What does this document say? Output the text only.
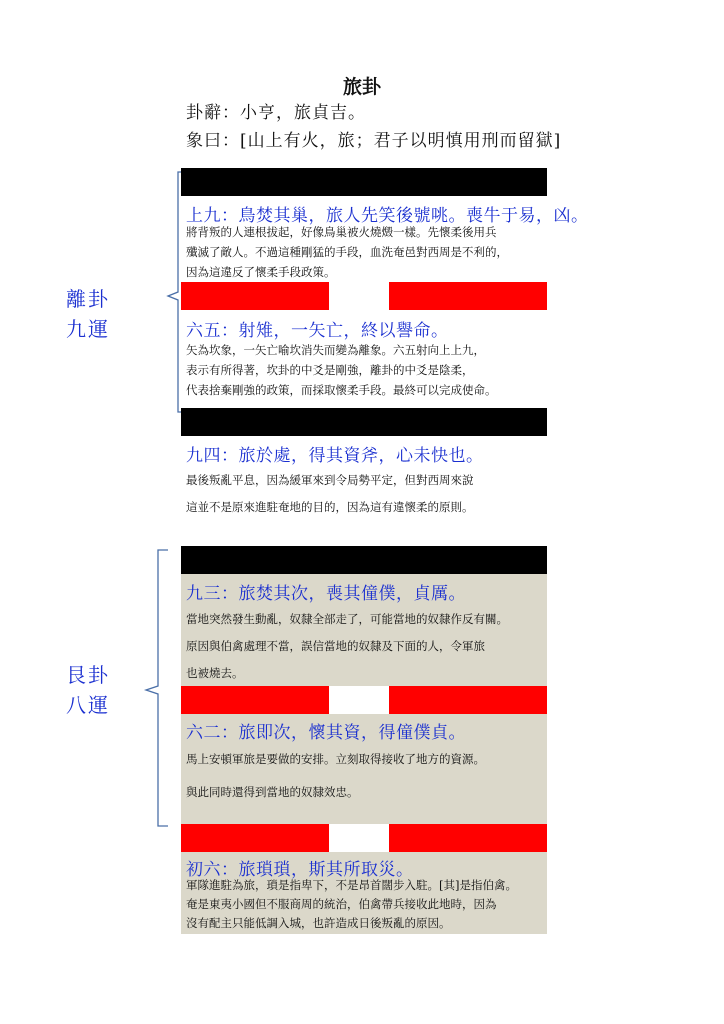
旅卦
卦辭：小亨，旅貞吉。
象曰：[山上有火，旅；君子以明慎用刑而留獄]
離卦
九運
艮卦
八運
上九：鳥焚其巢，旅人先笑後號咷。喪牛于易，凶。
將背叛的人連根拔起，好像鳥巢被火燒燬一樣。先懷柔後用兵
殲滅了敵人。不過這種剛猛的手段，血洗奄邑對西周是不利的，
因為這違反了懷柔手段政策。
六五：射雉，一矢亡，終以譽命。
矢為坎象，一矢亡喻坎消失而變為離象。六五射向上上九，
表示有所得著，坎卦的中爻是剛強，離卦的中爻是陰柔，
代表捨棄剛強的政策，而採取懷柔手段。最終可以完成使命。
九四：旅於處，得其資斧，心未快也。
最後叛亂平息，因為緩軍來到令局勢平定，但對西周來說
這並不是原來進駐奄地的目的，因為這有違懷柔的原則。
九三：旅焚其次，喪其僮僕，貞厲。
當地突然發生動亂，奴隸全部走了，可能當地的奴隸作反有關。
原因與伯禽處理不當，誤信當地的奴隸及下面的人，令軍旅
也被燒去。
六二：旅即次，懷其資，得僮僕貞。
馬上安頓軍旅是要做的安排。立刻取得接收了地方的資源。
與此同時還得到當地的奴隸效忠。
初六：旅瑣瑣，斯其所取災。
軍隊進駐為旅，瑣是指卑下，不是昂首闊步入駐。[其]是指伯禽。
奄是東夷小國但不服商周的統治，伯禽帶兵接收此地時，因為
沒有配主只能低調入城，也許造成日後叛亂的原因。
